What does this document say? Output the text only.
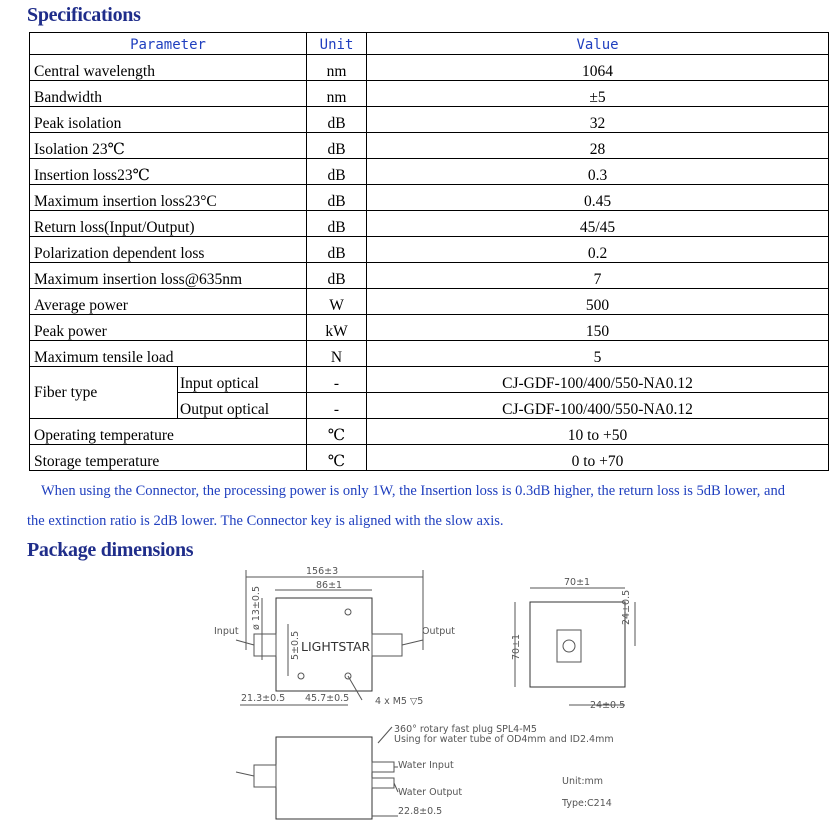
Specifications
Parameter		Unit	Value
Central wavelength		nm	1064
Bandwidth		nm	±5
Peak isolation		dB	32
Isolation 23℃		dB	28
Insertion loss23℃		dB	0.3
Maximum insertion loss23°C		dB	0.45
Return loss(Input/Output)		dB	45/45
Polarization dependent loss		dB	0.2
Maximum insertion loss@635nm		dB	7
Average power		W	500
Peak power		kW	150
Maximum tensile load		N	5
Fiber type	Input optical	-	CJ-GDF-100/400/550-NA0.12
	Output optical	-	CJ-GDF-100/400/550-NA0.12
Operating temperature		℃	10 to +50
Storage temperature		℃	0 to +70

When using the Connector, the processing power is only 1W, the Insertion loss is 0.3dB higher, the return loss is 5dB lower, and

the extinction ratio is 2dB lower. The Connector key is aligned with the slow axis.

Package dimensions
156±3
86±1
ø 13±0.5
5±0.5
Input	Output
21.3±0.5 45.7±0.5	4 x M5 ▽5
70±1
70±1
24±0.5
24±0.5
360° rotary fast plug SPL4-M5
Using for water tube of OD4mm and ID2.4mm
Water Input
Water Output
22.8±0.5
Unit:mm
Type:C214
LIGHTSTAR
